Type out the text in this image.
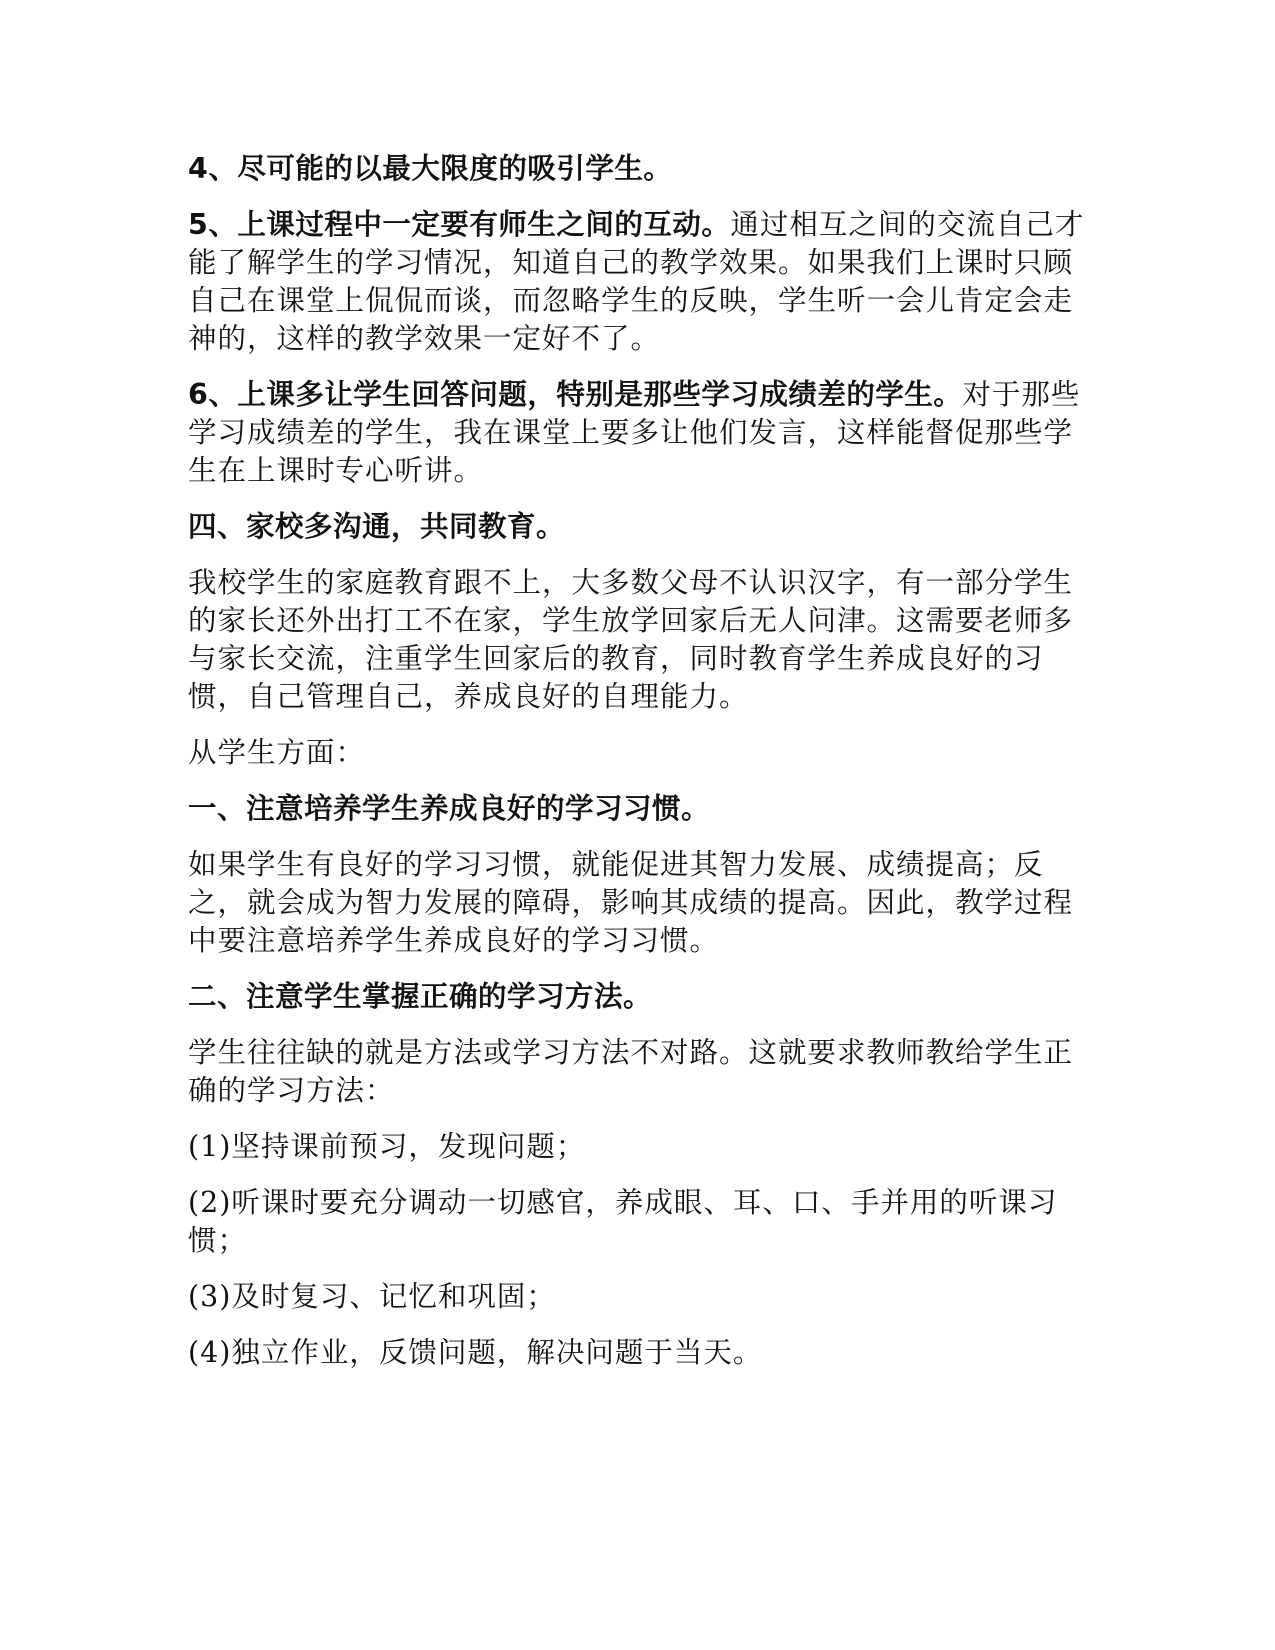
4、尽可能的以最大限度的吸引学生。

5、上课过程中一定要有师生之间的互动。通过相互之间的交流自己才能了解学生的学习情况，知道自己的教学效果。如果我们上课时只顾自己在课堂上侃侃而谈，而忽略学生的反映，学生听一会儿肯定会走神的，这样的教学效果一定好不了。

6、上课多让学生回答问题，特别是那些学习成绩差的学生。对于那些学习成绩差的学生，我在课堂上要多让他们发言，这样能督促那些学生在上课时专心听讲。

四、家校多沟通，共同教育。

我校学生的家庭教育跟不上，大多数父母不认识汉字，有一部分学生的家长还外出打工不在家，学生放学回家后无人问津。这需要老师多与家长交流，注重学生回家后的教育，同时教育学生养成良好的习惯，自己管理自己，养成良好的自理能力。

从学生方面：

一、注意培养学生养成良好的学习习惯。

如果学生有良好的学习习惯，就能促进其智力发展、成绩提高；反之，就会成为智力发展的障碍，影响其成绩的提高。因此，教学过程中要注意培养学生养成良好的学习习惯。

二、注意学生掌握正确的学习方法。

学生往往缺的就是方法或学习方法不对路。这就要求教师教给学生正确的学习方法：

(1)坚持课前预习，发现问题；

(2)听课时要充分调动一切感官，养成眼、耳、口、手并用的听课习惯；

(3)及时复习、记忆和巩固；

(4)独立作业，反馈问题，解决问题于当天。
